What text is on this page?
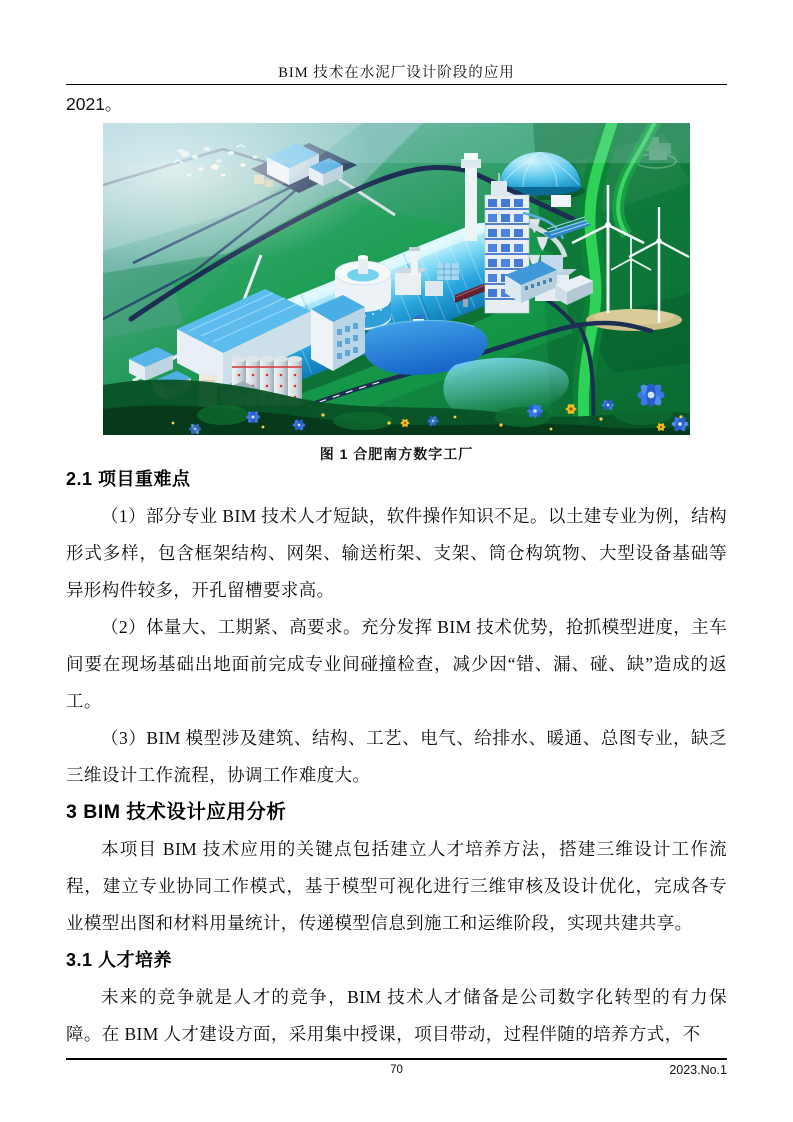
BIM 技术在水泥厂设计阶段的应用
2021。
图 1 合肥南方数字工厂
2.1 项目重难点

（1）部分专业 BIM 技术人才短缺，软件操作知识不足。以土建专业为例，结构形式多样，包含框架结构、网架、输送桁架、支架、筒仓构筑物、大型设备基础等异形构件较多，开孔留槽要求高。

（2）体量大、工期紧、高要求。充分发挥 BIM 技术优势，抢抓模型进度，主车间要在现场基础出地面前完成专业间碰撞检查，减少因“错、漏、碰、缺”造成的返工。

（3）BIM 模型涉及建筑、结构、工艺、电气、给排水、暖通、总图专业，缺乏三维设计工作流程，协调工作难度大。

3 BIM 技术设计应用分析

本项目 BIM 技术应用的关键点包括建立人才培养方法，搭建三维设计工作流程，建立专业协同工作模式，基于模型可视化进行三维审核及设计优化，完成各专业模型出图和材料用量统计，传递模型信息到施工和运维阶段，实现共建共享。

3.1 人才培养

未来的竞争就是人才的竞争，BIM 技术人才储备是公司数字化转型的有力保障。在 BIM 人才建设方面，采用集中授课，项目带动，过程伴随的培养方式，不

70	2023.No.1
